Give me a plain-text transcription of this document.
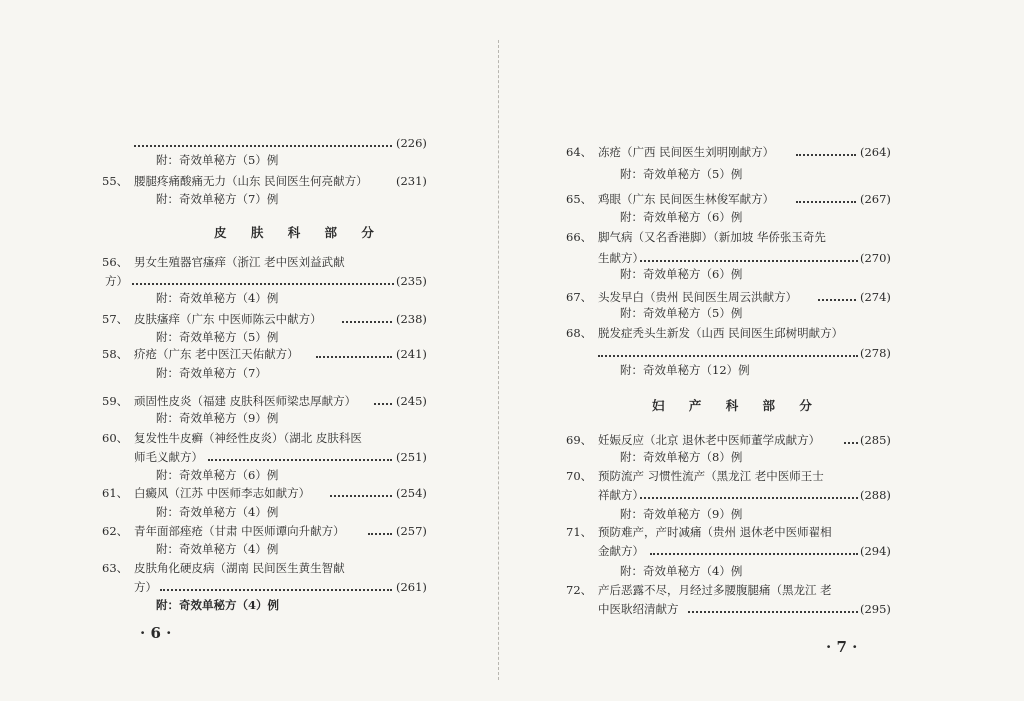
(226)
附：奇效单秘方（5）例
55、 腰腿疼痛酸痛无力（山东 民间医生何亮献方） (231)
附：奇效单秘方（7）例
皮 肤 科 部 分
56、 男女生殖器官瘙痒（浙江 老中医刘益武献
方）	(235)
附：奇效单秘方（4）例
57、 皮肤瘙痒（广东 中医师陈云中献方）	(238)
附：奇效单秘方（5）例
58、 疥疮（广东 老中医江天佑献方）	(241)
附：奇效单秘方（7）
59、 顽固性皮炎（福建 皮肤科医师梁忠厚献方）	(245)
附：奇效单秘方（9）例
60、 复发性牛皮癣（神经性皮炎）（湖北 皮肤科医
师毛义献方）	(251)
附：奇效单秘方（6）例
61、 白癜风（江苏 中医师李志如献方）	(254)
附：奇效单秘方（4）例
62、 青年面部痤疮（甘肃 中医师谭向升献方）	(257)
附：奇效单秘方（4）例
63、 皮肤角化硬皮病（湖南 民间医生黄生智献
方）	(261)
附：奇效单秘方（4）例
· 6 ·
64、 冻疮（广西 民间医生刘明刚献方）	(264)
附：奇效单秘方（5）例
65、 鸡眼（广东 民间医生林俊军献方）	(267)
附：奇效单秘方（6）例
66、 脚气病（又名香港脚）（新加坡 华侨张玉奇先
生献方）	(270)
附：奇效单秘方（6）例
67、 头发早白（贵州 民间医生周云洪献方）	(274)
附：奇效单秘方（5）例
68、 脱发症秃头生新发（山西 民间医生邱树明献方）
(278)
附：奇效单秘方（12）例
妇 产 科 部 分
69、 妊娠反应（北京 退休老中医师董学成献方）	(285)
附：奇效单秘方（8）例
70、 预防流产 习惯性流产（黑龙江 老中医师王士
祥献方）	(288)
附：奇效单秘方（9）例
71、 预防难产，产时减痛（贵州 退休老中医师翟相
金献方）	(294)
附：奇效单秘方（4）例
72、 产后恶露不尽，月经过多腰腹腿痛（黑龙江 老
中医耿绍清献方	(295)
· 7 ·
